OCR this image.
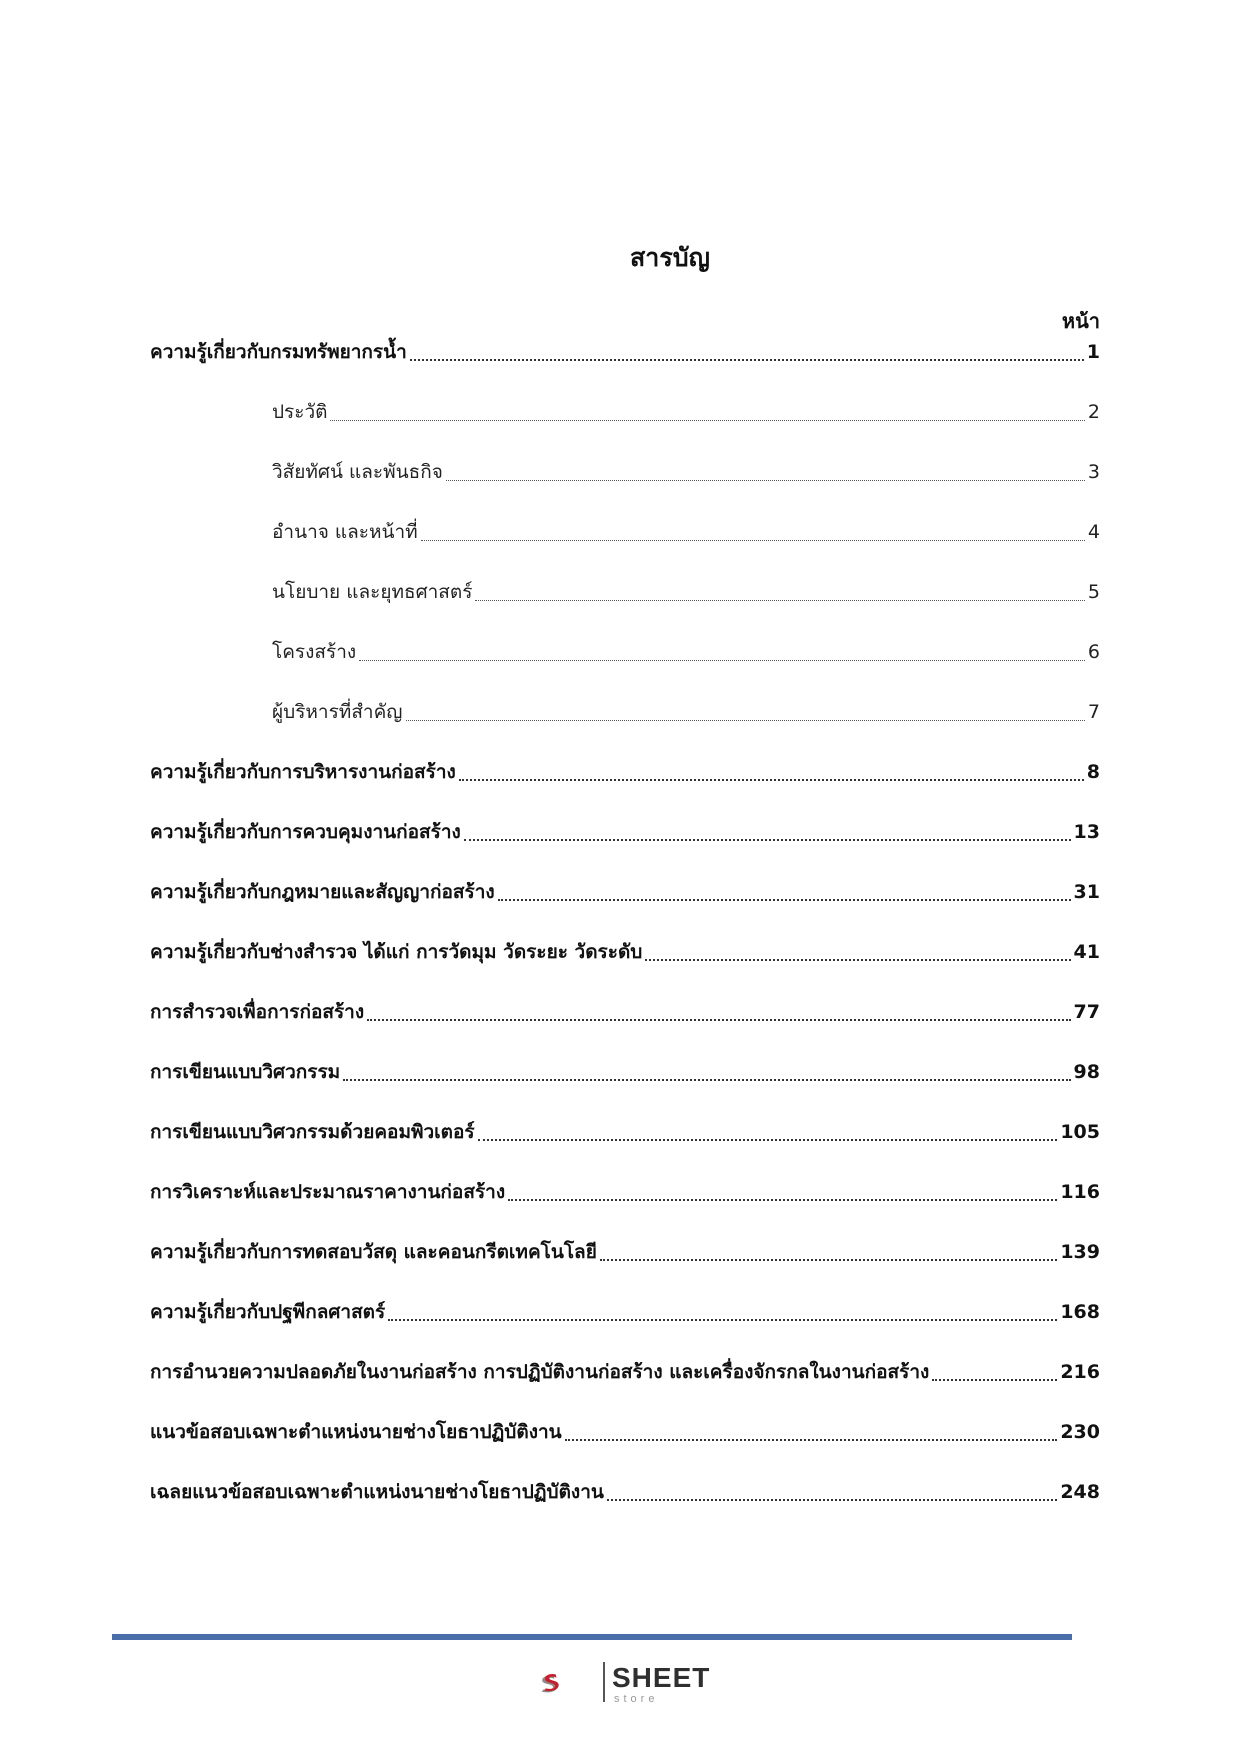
สารบัญ
หน้า
ความรู้เกี่ยวกับกรมทรัพยากรน้ำ	1
ประวัติ	2
วิสัยทัศน์ และพันธกิจ	3
อำนาจ และหน้าที่	4
นโยบาย และยุทธศาสตร์	5
โครงสร้าง	6
ผู้บริหารที่สำคัญ	7
ความรู้เกี่ยวกับการบริหารงานก่อสร้าง	8
ความรู้เกี่ยวกับการควบคุมงานก่อสร้าง	13
ความรู้เกี่ยวกับกฎหมายและสัญญาก่อสร้าง	31
ความรู้เกี่ยวกับช่างสำรวจ ได้แก่ การวัดมุม วัดระยะ วัดระดับ	41
การสำรวจเพื่อการก่อสร้าง	77
การเขียนแบบวิศวกรรม	98
การเขียนแบบวิศวกรรมด้วยคอมพิวเตอร์	105
การวิเคราะห์และประมาณราคางานก่อสร้าง	116
ความรู้เกี่ยวกับการทดสอบวัสดุ และคอนกรีตเทคโนโลยี	139
ความรู้เกี่ยวกับปฐพีกลศาสตร์	168
การอำนวยความปลอดภัยในงานก่อสร้าง การปฏิบัติงานก่อสร้าง และเครื่องจักรกลในงานก่อสร้าง	216
แนวข้อสอบเฉพาะตำแหน่งนายช่างโยธาปฏิบัติงาน	230
เฉลยแนวข้อสอบเฉพาะตำแหน่งนายช่างโยธาปฏิบัติงาน	248
SHEET
store
